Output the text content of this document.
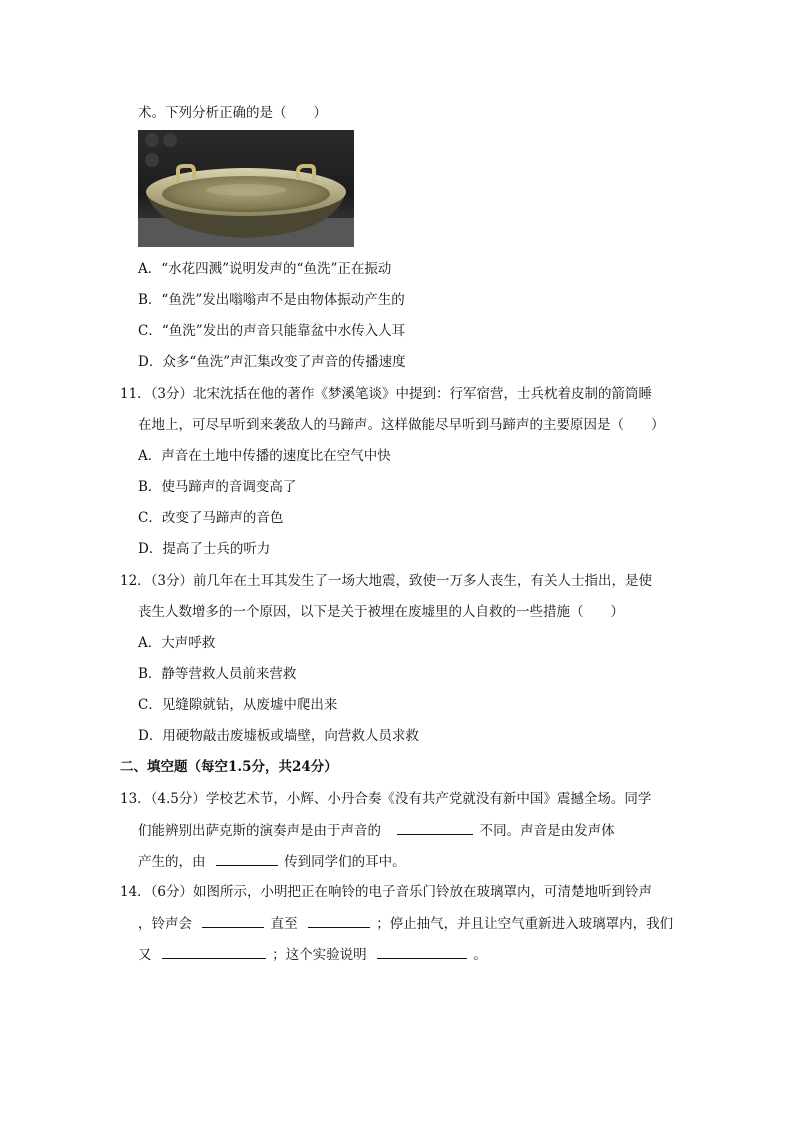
术。下列分析正确的是（　　）
A．“水花四溅”说明发声的“鱼洗”正在振动
B．“鱼洗”发出嗡嗡声不是由物体振动产生的
C．“鱼洗”发出的声音只能靠盆中水传入人耳
D．众多“鱼洗”声汇集改变了声音的传播速度
11．（3分）北宋沈括在他的著作《梦溪笔谈》中提到：行军宿营，士兵枕着皮制的箭筒睡
在地上，可尽早听到来袭敌人的马蹄声。这样做能尽早听到马蹄声的主要原因是（　　）
A．声音在土地中传播的速度比在空气中快
B．使马蹄声的音调变高了
C．改变了马蹄声的音色
D．提高了士兵的听力
12．（3分）前几年在土耳其发生了一场大地震，致使一万多人丧生，有关人士指出，是使
丧生人数增多的一个原因，以下是关于被埋在废墟里的人自救的一些措施（　　）
A．大声呼救
B．静等营救人员前来营救
C．见缝隙就钻，从废墟中爬出来
D．用硬物敲击废墟板或墙壁，向营救人员求救
二、填空题（每空1.5分，共24分）
13．（4.5分）学校艺术节，小辉、小丹合奏《没有共产党就没有新中国》震撼全场。同学
们能辨别出萨克斯的演奏声是由于声音的	不同。声音是由发声体
产生的，由	传到同学们的耳中。
14．（6分）如图所示，小明把正在响铃的电子音乐门铃放在玻璃罩内，可清楚地听到铃声
，铃声会	直至	；停止抽气，并且让空气重新进入玻璃罩内，我们
又	；这个实验说明	。
